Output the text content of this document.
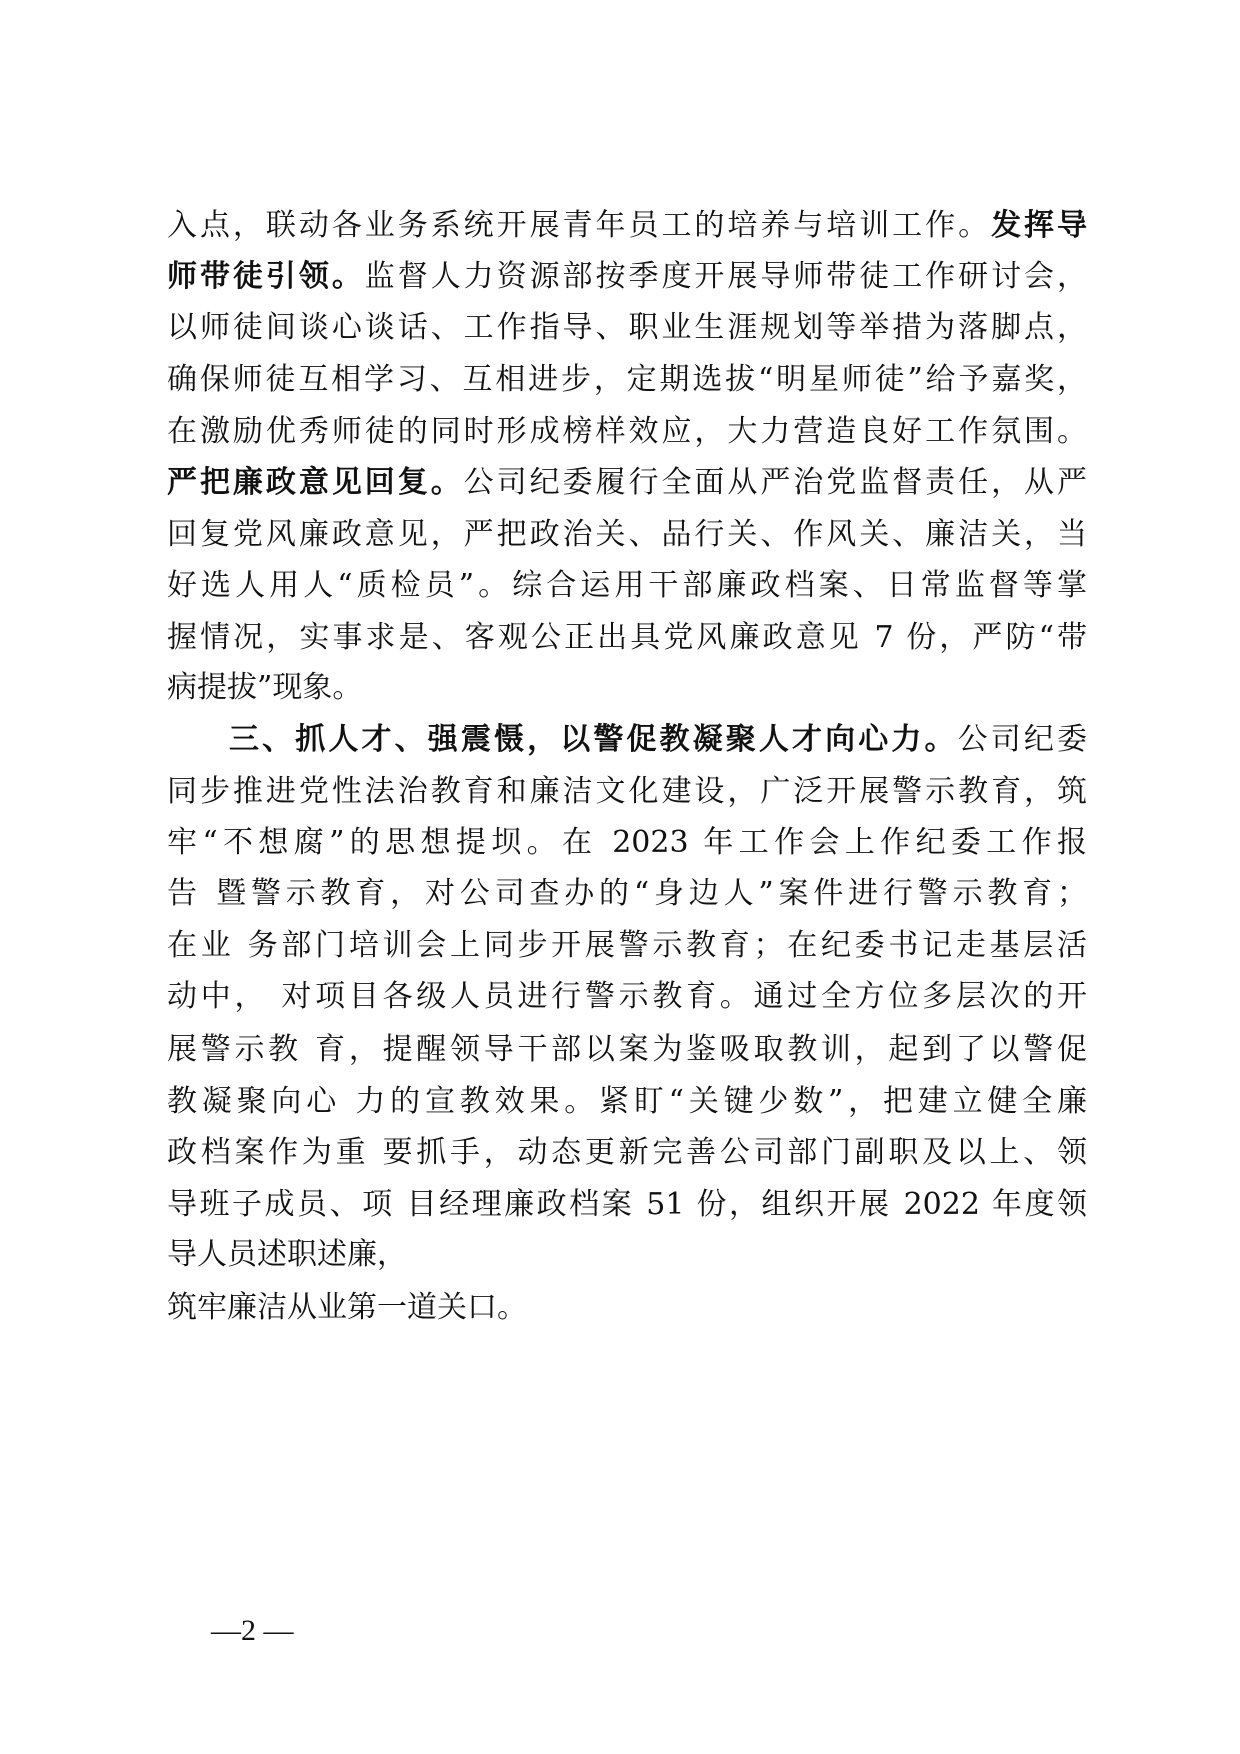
入点，联动各业务系统开展青年员工的培养与培训工作。发挥导
师带徒引领。监督人力资源部按季度开展导师带徒工作研讨会，
以师徒间谈心谈话、工作指导、职业生涯规划等举措为落脚点，
确保师徒互相学习、互相进步，定期选拔“明星师徒”给予嘉奖，
在激励优秀师徒的同时形成榜样效应，大力营造良好工作氛围。
严把廉政意见回复。公司纪委履行全面从严治党监督责任，从严
回复党风廉政意见，严把政治关、品行关、作风关、廉洁关，当
好选人用人“质检员”。综合运用干部廉政档案、日常监督等掌
握情况，实事求是、客观公正出具党风廉政意见 7 份，严防“带
病提拔”现象。
三、抓人才、强震慑，以警促教凝聚人才向心力。公司纪委
同步推进党性法治教育和廉洁文化建设，广泛开展警示教育，筑
牢“不想腐”的思想提坝。在 2023 年工作会上作纪委工作报
告 暨警示教育，对公司查办的“身边人”案件进行警示教育；
在业 务部门培训会上同步开展警示教育；在纪委书记走基层活
动中， 对项目各级人员进行警示教育。通过全方位多层次的开
展警示教 育，提醒领导干部以案为鉴吸取教训，起到了以警促
教凝聚向心 力的宣教效果。紧盯“关键少数”，把建立健全廉
政档案作为重 要抓手，动态更新完善公司部门副职及以上、领
导班子成员、项 目经理廉政档案 51 份，组织开展 2022 年度领
导人员述职述廉，
筑牢廉洁从业第一道关口。
—2 —
